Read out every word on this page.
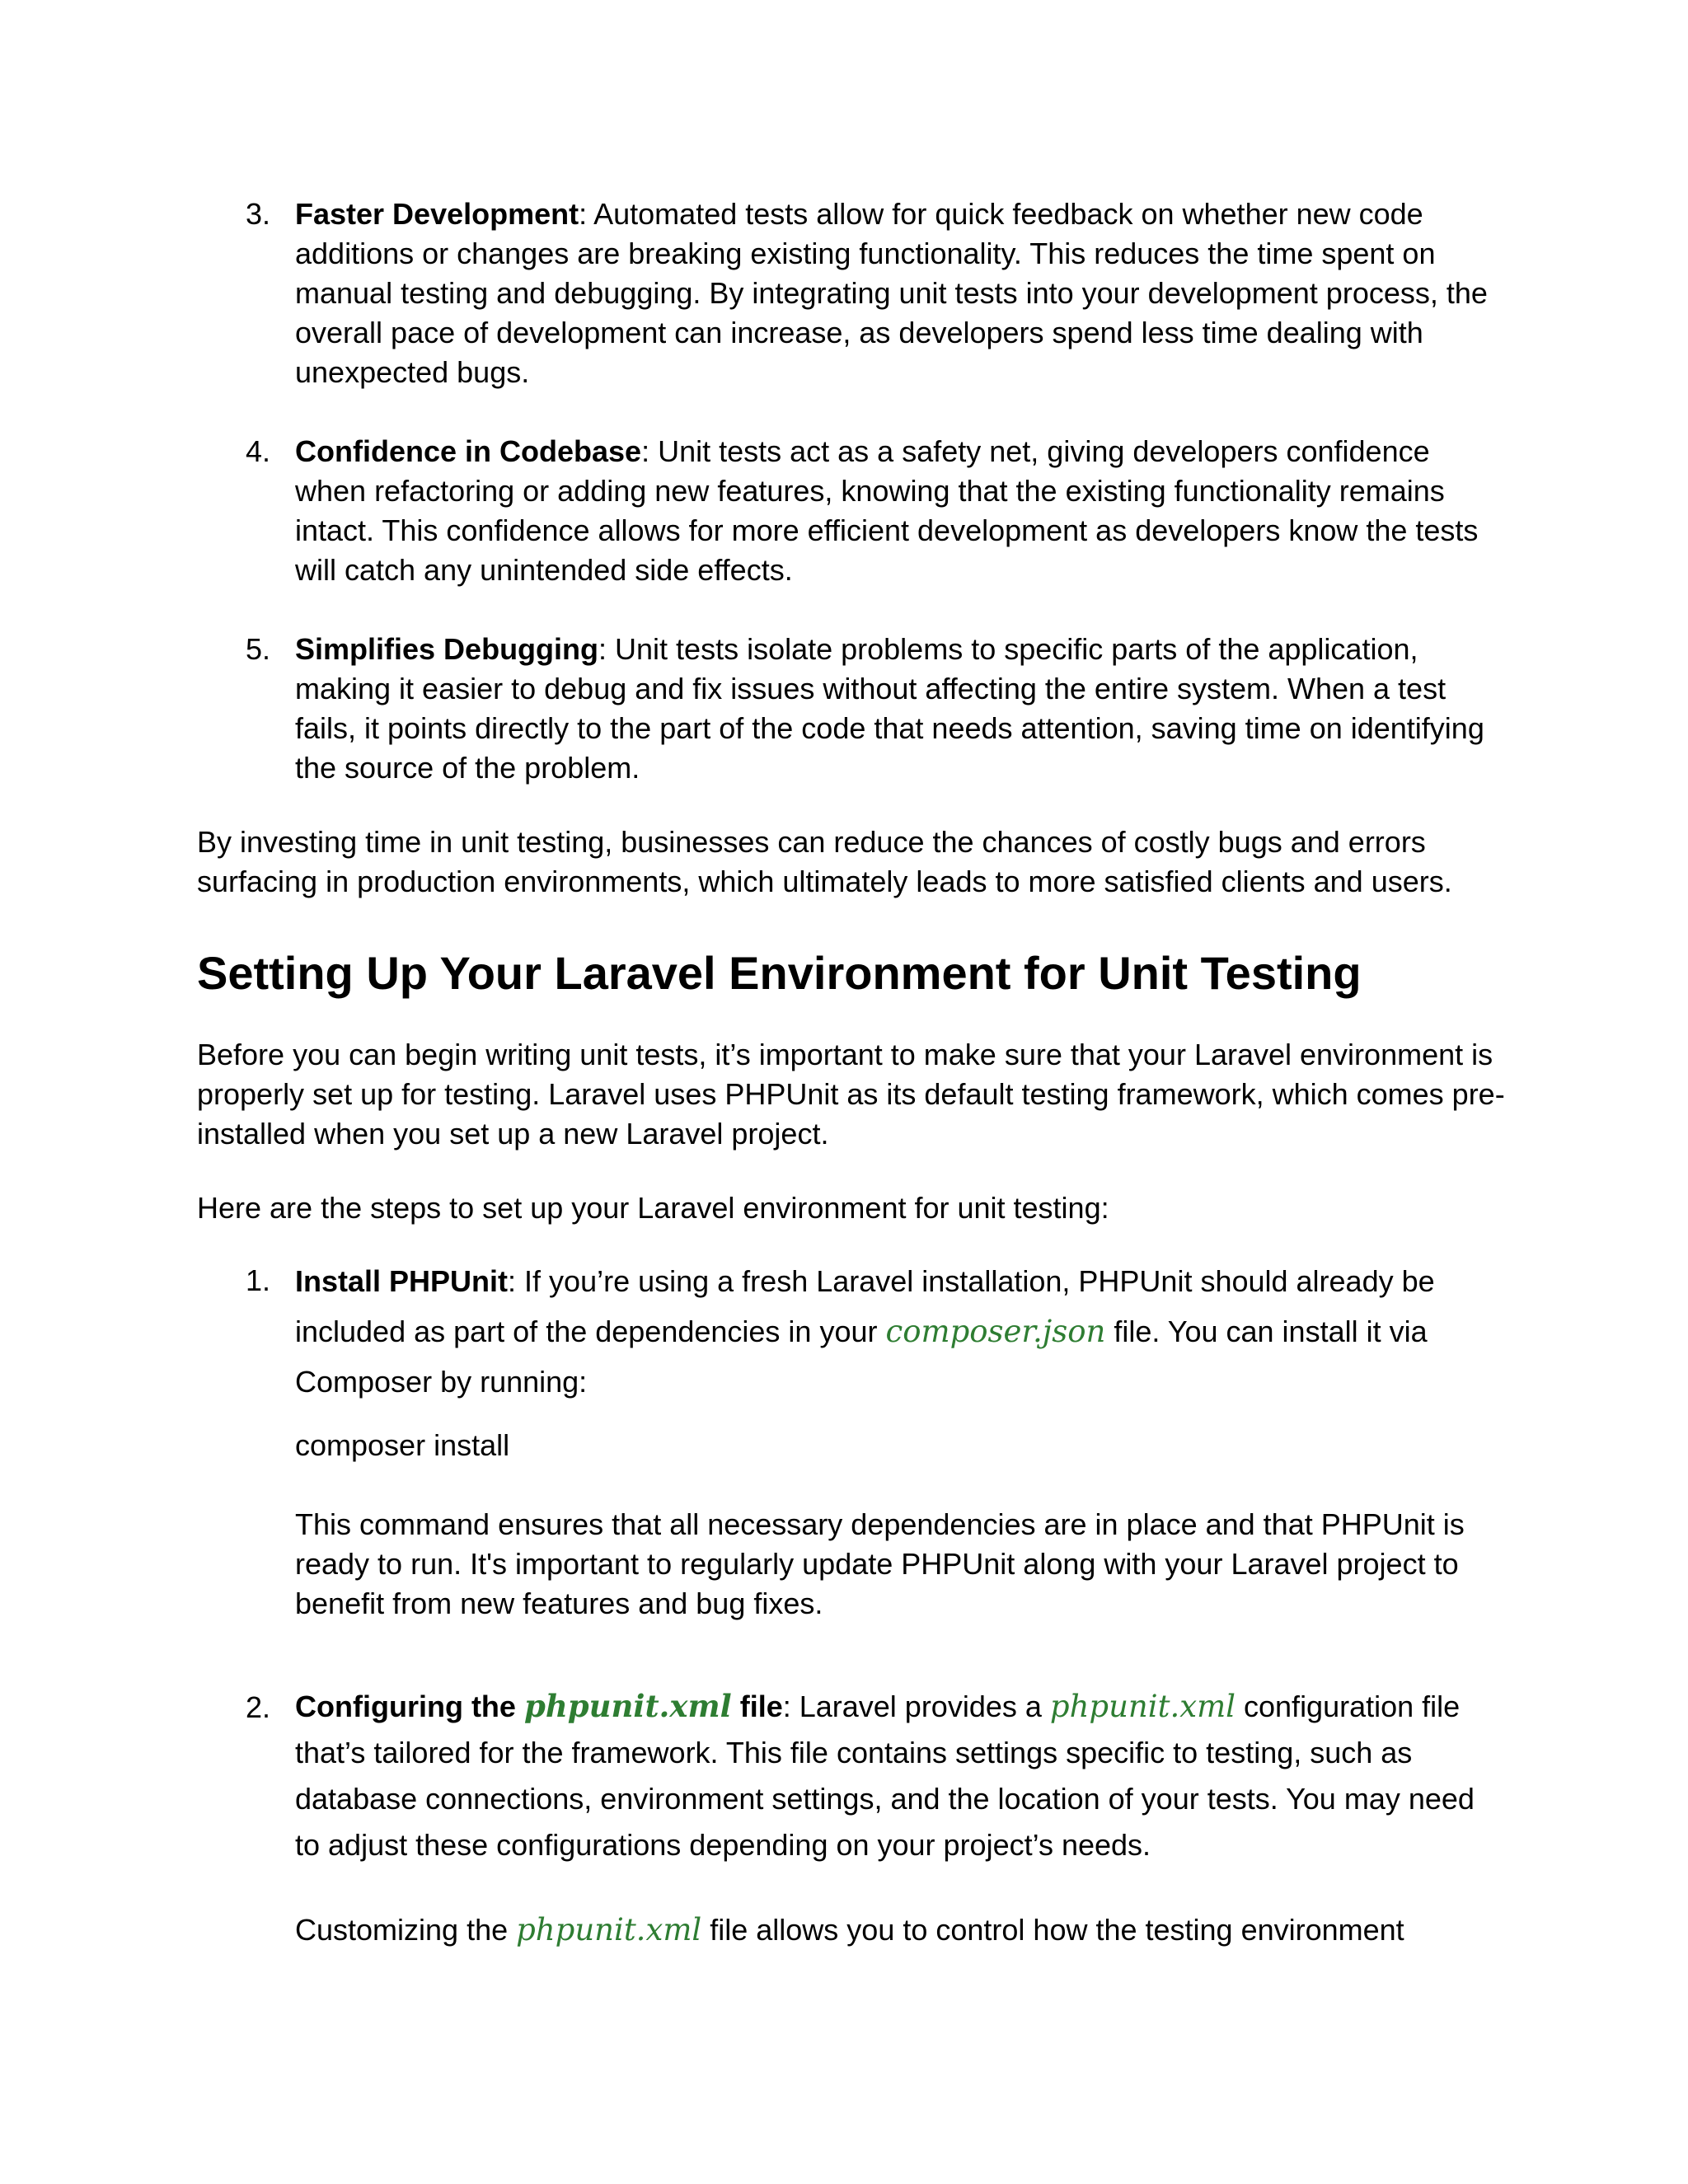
3. Faster Development: Automated tests allow for quick feedback on whether new code additions or changes are breaking existing functionality. This reduces the time spent on manual testing and debugging. By integrating unit tests into your development process, the overall pace of development can increase, as developers spend less time dealing with unexpected bugs.
4. Confidence in Codebase: Unit tests act as a safety net, giving developers confidence when refactoring or adding new features, knowing that the existing functionality remains intact. This confidence allows for more efficient development as developers know the tests will catch any unintended side effects.
5. Simplifies Debugging: Unit tests isolate problems to specific parts of the application, making it easier to debug and fix issues without affecting the entire system. When a test fails, it points directly to the part of the code that needs attention, saving time on identifying the source of the problem.
By investing time in unit testing, businesses can reduce the chances of costly bugs and errors surfacing in production environments, which ultimately leads to more satisfied clients and users.
Setting Up Your Laravel Environment for Unit Testing
Before you can begin writing unit tests, it’s important to make sure that your Laravel environment is properly set up for testing. Laravel uses PHPUnit as its default testing framework, which comes pre-installed when you set up a new Laravel project.
Here are the steps to set up your Laravel environment for unit testing:
1. Install PHPUnit: If you’re using a fresh Laravel installation, PHPUnit should already be included as part of the dependencies in your composer.json file. You can install it via Composer by running:
composer install
This command ensures that all necessary dependencies are in place and that PHPUnit is ready to run. It's important to regularly update PHPUnit along with your Laravel project to benefit from new features and bug fixes.
2. Configuring the phpunit.xml file: Laravel provides a phpunit.xml configuration file that’s tailored for the framework. This file contains settings specific to testing, such as database connections, environment settings, and the location of your tests. You may need to adjust these configurations depending on your project’s needs.
Customizing the phpunit.xml file allows you to control how the testing environment
